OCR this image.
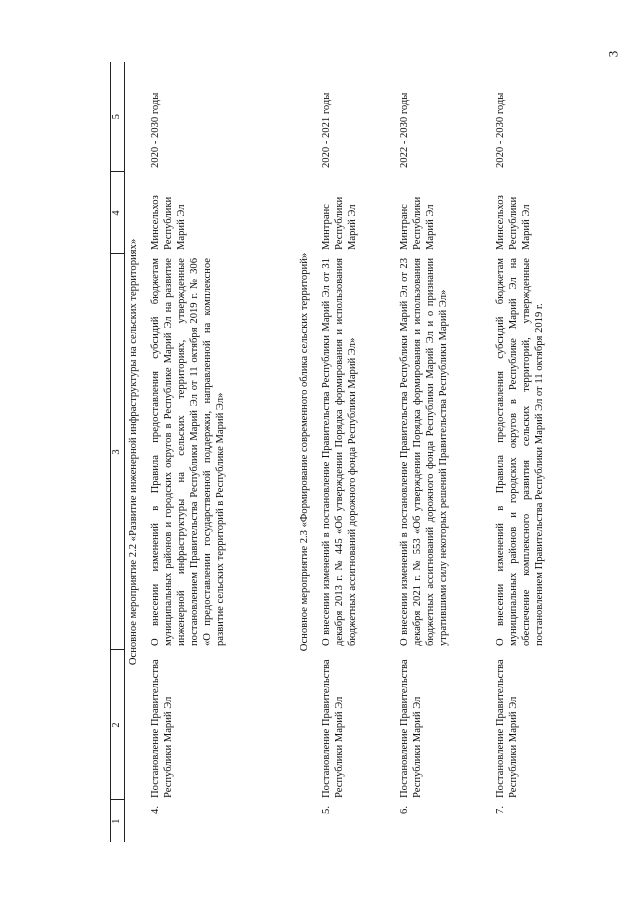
3
1	2	3	4	5
Основное мероприятие 2.2 «Развитие инженерной инфраструктуры на сельских территориях»				
4.	Постановление Правительства Республики Марий Эл	О внесении изменений в Правила предоставления субсидий бюджетам муниципальных районов и городских округов в Республике Марий Эл на развитие инженерной инфраструктуры на сельских территориях, утвержденные постановлением Правительства Республики Марий Эл от 11 октября 2019 г. № 306 «О предоставлении государственной поддержки, направленной на комплексное развитие сельских территорий в Республике Марий Эл»	Минсельхоз Республики Марий Эл	2020 - 2030 годы
Основное мероприятие 2.3 «Формирование современного облика сельских территорий»				
5.	Постановление Правительства Республики Марий Эл	О внесении изменений в постановление Правительства Республики Марий Эл от 31 декабря 2013 г. № 445 «Об утверждении Порядка формирования и использования бюджетных ассигнований дорожного фонда Республики Марий Эл»	Минтранс Республики Марий Эл	2020 - 2021 годы
6.	Постановление Правительства Республики Марий Эл	О внесении изменений в постановление Правительства Республики Марий Эл от 23 декабря 2021 г. № 553 «Об утверждении Порядка формирования и использования бюджетных ассигнований дорожного фонда Республики Марий Эл и о признании утратившими силу некоторых решений Правительства Республики Марий Эл»	Минтранс Республики Марий Эл	2022 - 2030 годы
7.	Постановление Правительства Республики Марий Эл	О внесении изменений в Правила предоставления субсидий бюджетам муниципальных районов и городских округов в Республике Марий Эл на обеспечение комплексного развития сельских территорий, утвержденные постановлением Правительства Республики Марий Эл от 11 октября 2019 г.	Минсельхоз Республики Марий Эл	2020 - 2030 годы
